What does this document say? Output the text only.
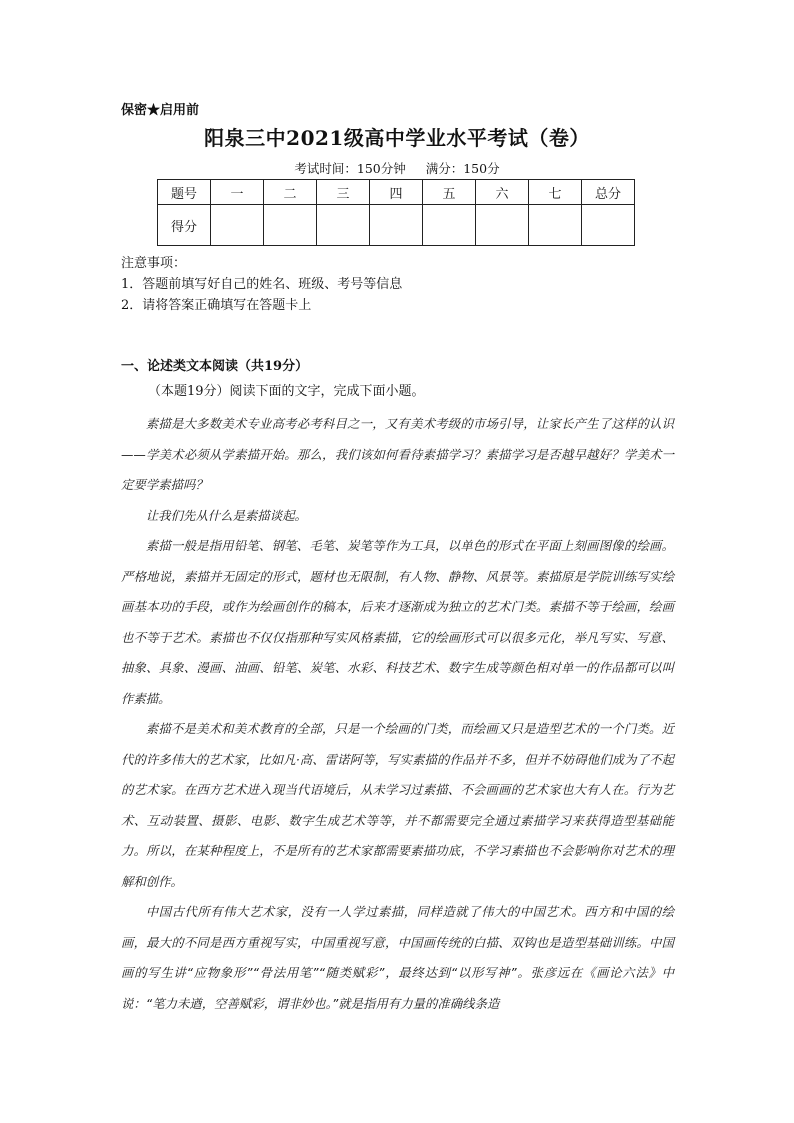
保密★启用前
阳泉三中2021级高中学业水平考试（卷）
考试时间：150分钟 满分：150分
题号	一	二	三	四	五	六	七	总分
得分								
注意事项：
1．答题前填写好自己的姓名、班级、考号等信息
2．请将答案正确填写在答题卡上
一、论述类文本阅读（共19分）
（本题19分）阅读下面的文字，完成下面小题。

素描是大多数美术专业高考必考科目之一，又有美术考级的市场引导，让家长产生了这样的认识——学美术必须从学素描开始。那么，我们该如何看待素描学习？素描学习是否越早越好？学美术一定要学素描吗？

让我们先从什么是素描谈起。

素描一般是指用铅笔、钢笔、毛笔、炭笔等作为工具，以单色的形式在平面上刻画图像的绘画。严格地说，素描并无固定的形式，题材也无限制，有人物、静物、风景等。素描原是学院训练写实绘画基本功的手段，或作为绘画创作的稿本，后来才逐渐成为独立的艺术门类。素描不等于绘画，绘画也不等于艺术。素描也不仅仅指那种写实风格素描，它的绘画形式可以很多元化，举凡写实、写意、抽象、具象、漫画、油画、铅笔、炭笔、水彩、科技艺术、数字生成等颜色相对单一的作品都可以叫作素描。

素描不是美术和美术教育的全部，只是一个绘画的门类，而绘画又只是造型艺术的一个门类。近代的许多伟大的艺术家，比如凡·高、雷诺阿等，写实素描的作品并不多，但并不妨碍他们成为了不起的艺术家。在西方艺术进入现当代语境后，从未学习过素描、不会画画的艺术家也大有人在。行为艺术、互动装置、摄影、电影、数字生成艺术等等，并不都需要完全通过素描学习来获得造型基础能力。所以，在某种程度上，不是所有的艺术家都需要素描功底，不学习素描也不会影响你对艺术的理解和创作。

中国古代所有伟大艺术家，没有一人学过素描，同样造就了伟大的中国艺术。西方和中国的绘画，最大的不同是西方重视写实，中国重视写意，中国画传统的白描、双钩也是造型基础训练。中国画的写生讲“应物象形”“骨法用笔”“随类赋彩”，最终达到“以形写神”。张彦远在《画论六法》中说：“笔力未遒，空善赋彩，谓非妙也。”就是指用有力量的准确线条造
